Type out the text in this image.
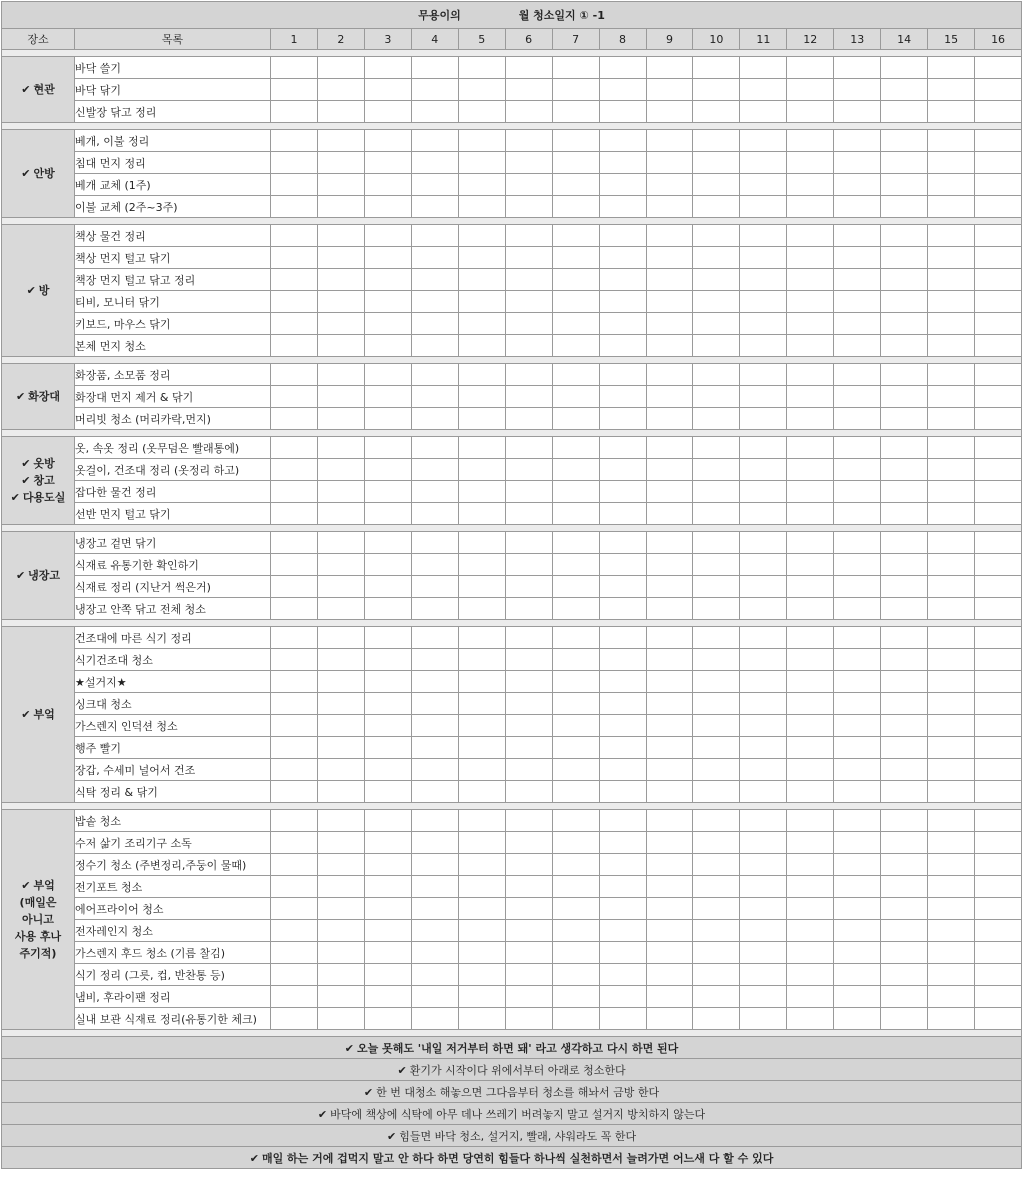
무용이의 월 청소일지 ① -1																	
장소	목록	1	2	3	4	5	6	7	8	9	10	11	12	13	14	15	16

✔ 현관	바닥 쓸기																
	바닥 닦기																
	신발장 닦고 정리																

✔ 안방	베개, 이불 정리																
	침대 먼지 정리																
	베개 교체 (1주)																
	이불 교체 (2주~3주)																

✔ 방	책상 물건 정리																
	책상 먼지 털고 닦기																
	책장 먼지 털고 닦고 정리																
	티비, 모니터 닦기																
	키보드, 마우스 닦기																
	본체 먼지 청소																

✔ 화장대	화장품, 소모품 정리																
	화장대 먼지 제거 & 닦기																
	머리빗 청소 (머리카락,먼지)																

✔ 옷방
✔ 창고
✔ 다용도실	옷, 속옷 정리 (옷무덤은 빨래통에)																
	옷걸이, 건조대 정리 (옷정리 하고)																
	잡다한 물건 정리																
	선반 먼지 털고 닦기																

✔ 냉장고	냉장고 겉면 닦기																
	식재료 유통기한 확인하기																
	식재료 정리 (지난거 썩은거)																
	냉장고 안쪽 닦고 전체 청소																

✔ 부엌	건조대에 마른 식기 정리																
	식기건조대 청소																
	★설거지★																
	싱크대 청소																
	가스렌지 인덕션 청소																
	행주 빨기																
	장갑, 수세미 널어서 건조																
	식탁 정리 & 닦기																

✔ 부엌
(매일은
아니고
사용 후나
주기적)	밥솥 청소																
	수저 삶기 조리기구 소독																
	정수기 청소 (주변정리,주둥이 물때)																
	전기포트 청소																
	에어프라이어 청소																
	전자레인지 청소																
	가스렌지 후드 청소 (기름 찰김)																
	식기 정리 (그릇, 컵, 반찬통 등)																
	냄비, 후라이팬 정리																
	실내 보관 식재료 정리(유통기한 체크)																

✔ 오늘 못해도 '내일 저거부터 하면 돼' 라고 생각하고 다시 하면 된다																	
✔ 환기가 시작이다 위에서부터 아래로 청소한다																	
✔ 한 번 대청소 해놓으면 그다음부터 청소를 해놔서 금방 한다																	
✔ 바닥에 책상에 식탁에 아무 데나 쓰레기 버려놓지 말고 설거지 방치하지 않는다																	
✔ 힘들면 바닥 청소, 설거지, 빨래, 샤워라도 꼭 한다																	
✔ 매일 하는 거에 겁먹지 말고 안 하다 하면 당연히 힘들다 하나씩 실천하면서 늘려가면 어느새 다 할 수 있다																	
